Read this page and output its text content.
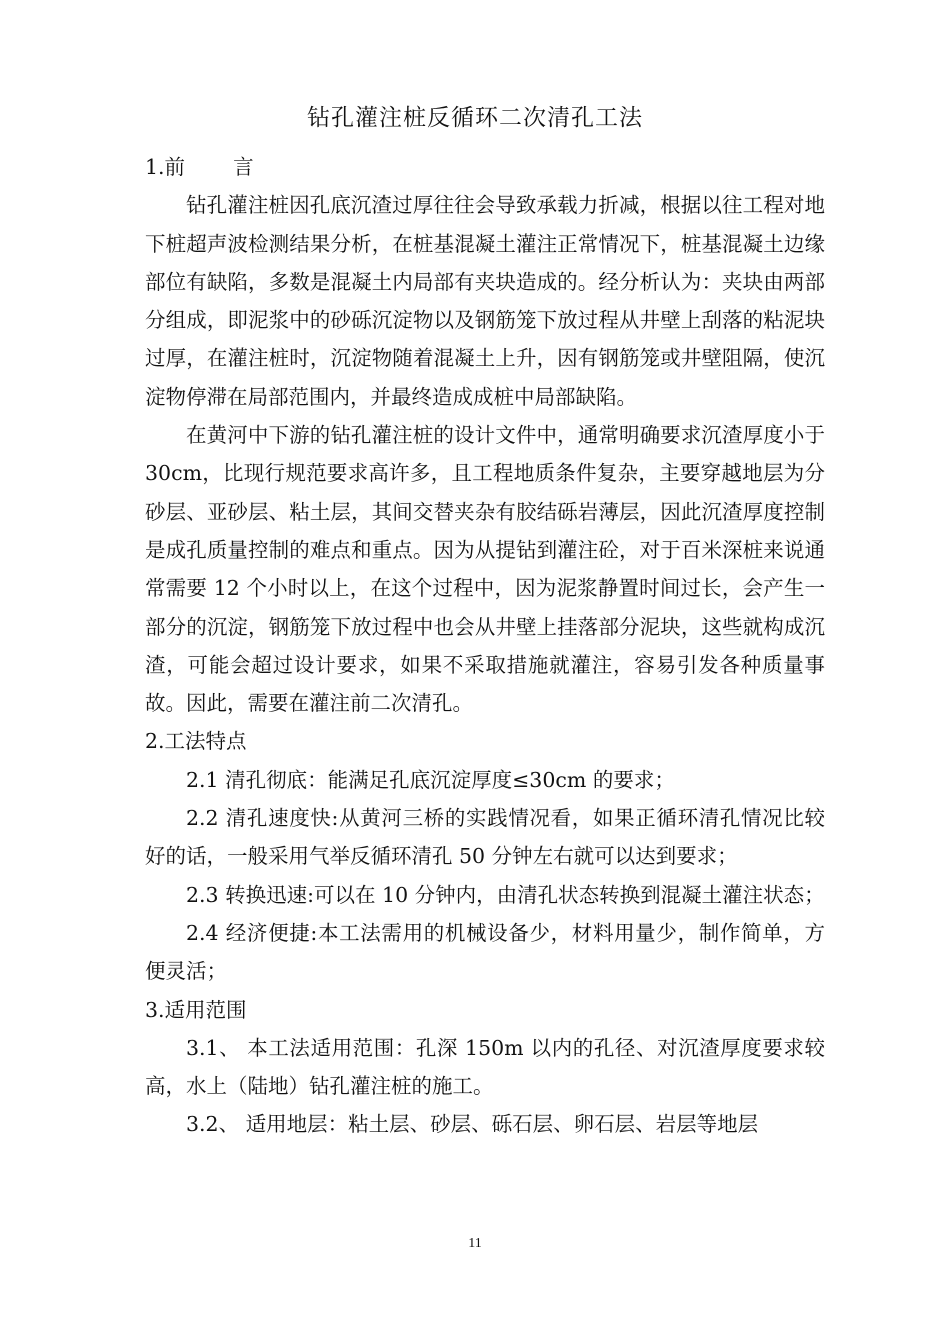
钻孔灌注桩反循环二次清孔工法

1.前 言

钻孔灌注桩因孔底沉渣过厚往往会导致承载力折减，根据以往工程对地下桩超声波检测结果分析，在桩基混凝土灌注正常情况下，桩基混凝土边缘部位有缺陷，多数是混凝土内局部有夹块造成的。经分析认为：夹块由两部分组成，即泥浆中的砂砾沉淀物以及钢筋笼下放过程从井壁上刮落的粘泥块过厚，在灌注桩时，沉淀物随着混凝土上升，因有钢筋笼或井壁阻隔，使沉淀物停滞在局部范围内，并最终造成成桩中局部缺陷。

在黄河中下游的钻孔灌注桩的设计文件中，通常明确要求沉渣厚度小于 30cm，比现行规范要求高许多，且工程地质条件复杂，主要穿越地层为分砂层、亚砂层、粘土层，其间交替夹杂有胶结砾岩薄层，因此沉渣厚度控制是成孔质量控制的难点和重点。因为从提钻到灌注砼，对于百米深桩来说通常需要 12 个小时以上，在这个过程中，因为泥浆静置时间过长，会产生一部分的沉淀，钢筋笼下放过程中也会从井壁上挂落部分泥块，这些就构成沉渣，可能会超过设计要求，如果不采取措施就灌注，容易引发各种质量事故。因此，需要在灌注前二次清孔。

2.工法特点

2.1 清孔彻底：能满足孔底沉淀厚度≤30cm 的要求；

2.2 清孔速度快:从黄河三桥的实践情况看，如果正循环清孔情况比较好的话，一般采用气举反循环清孔 50 分钟左右就可以达到要求；

2.3 转换迅速:可以在 10 分钟内，由清孔状态转换到混凝土灌注状态；

2.4 经济便捷:本工法需用的机械设备少，材料用量少，制作简单，方便灵活；

3.适用范围

3.1、 本工法适用范围：孔深 150m 以内的孔径、对沉渣厚度要求较高，水上（陆地）钻孔灌注桩的施工。

3.2、 适用地层：粘土层、砂层、砾石层、卵石层、岩层等地层

11
